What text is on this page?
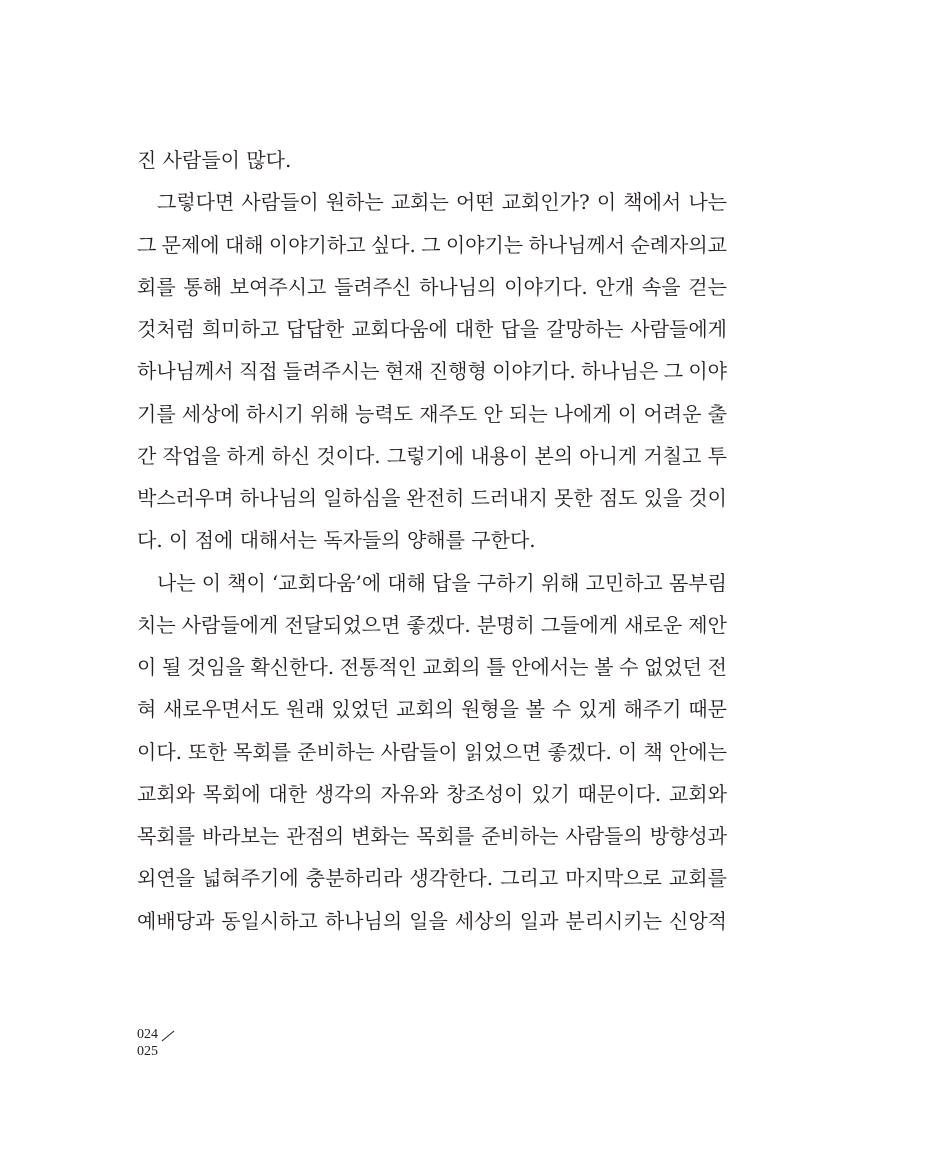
진 사람들이 많다.
그렇다면 사람들이 원하는 교회는 어떤 교회인가? 이 책에서 나는
그 문제에 대해 이야기하고 싶다. 그 이야기는 하나님께서 순례자의교
회를 통해 보여주시고 들려주신 하나님의 이야기다. 안개 속을 걷는
것처럼 희미하고 답답한 교회다움에 대한 답을 갈망하는 사람들에게
하나님께서 직접 들려주시는 현재 진행형 이야기다. 하나님은 그 이야
기를 세상에 하시기 위해 능력도 재주도 안 되는 나에게 이 어려운 출
간 작업을 하게 하신 것이다. 그렇기에 내용이 본의 아니게 거칠고 투
박스러우며 하나님의 일하심을 완전히 드러내지 못한 점도 있을 것이
다. 이 점에 대해서는 독자들의 양해를 구한다.
나는 이 책이 ‘교회다움’에 대해 답을 구하기 위해 고민하고 몸부림
치는 사람들에게 전달되었으면 좋겠다. 분명히 그들에게 새로운 제안
이 될 것임을 확신한다. 전통적인 교회의 틀 안에서는 볼 수 없었던 전
혀 새로우면서도 원래 있었던 교회의 원형을 볼 수 있게 해주기 때문
이다. 또한 목회를 준비하는 사람들이 읽었으면 좋겠다. 이 책 안에는
교회와 목회에 대한 생각의 자유와 창조성이 있기 때문이다. 교회와
목회를 바라보는 관점의 변화는 목회를 준비하는 사람들의 방향성과
외연을 넓혀주기에 충분하리라 생각한다. 그리고 마지막으로 교회를
예배당과 동일시하고 하나님의 일을 세상의 일과 분리시키는 신앙적
024
025
